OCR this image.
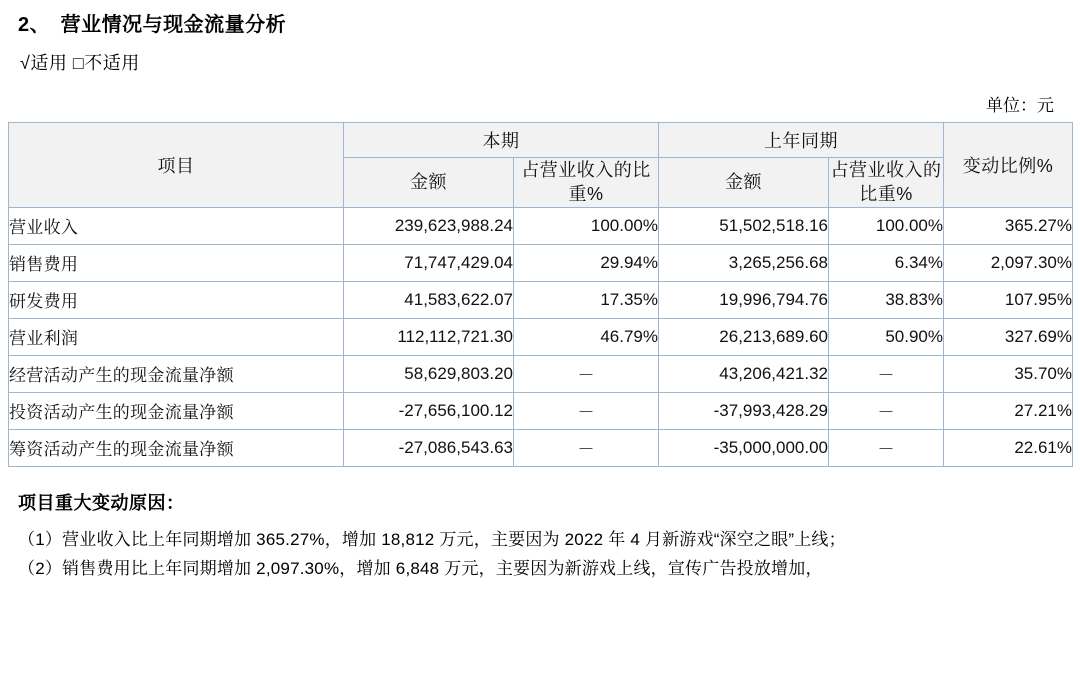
2、　 营业情况与现金流量分析
√适用 □不适用
单位：元
项目	本期		上年同期		变动比例%
	金额	占营业收入的比重%	金额	占营业收入的比重%	
营业收入	239,623,988.24	100.00%	51,502,518.16	100.00%	365.27%
销售费用	71,747,429.04	29.94%	3,265,256.68	6.34%	2,097.30%
研发费用	41,583,622.07	17.35%	19,996,794.76	38.83%	107.95%
营业利润	112,112,721.30	46.79%	26,213,689.60	50.90%	327.69%
经营活动产生的现金流量净额	58,629,803.20	－	43,206,421.32	－	35.70%
投资活动产生的现金流量净额	-27,656,100.12	－	-37,993,428.29	－	27.21%
筹资活动产生的现金流量净额	-27,086,543.63	－	-35,000,000.00	－	22.61%
项目重大变动原因：
（1）营业收入比上年同期增加 365.27%，增加 18,812 万元，主要因为 2022 年 4 月新游戏“深空之眼”上线；
（2）销售费用比上年同期增加 2,097.30%，增加 6,848 万元，主要因为新游戏上线，宣传广告投放增加，
